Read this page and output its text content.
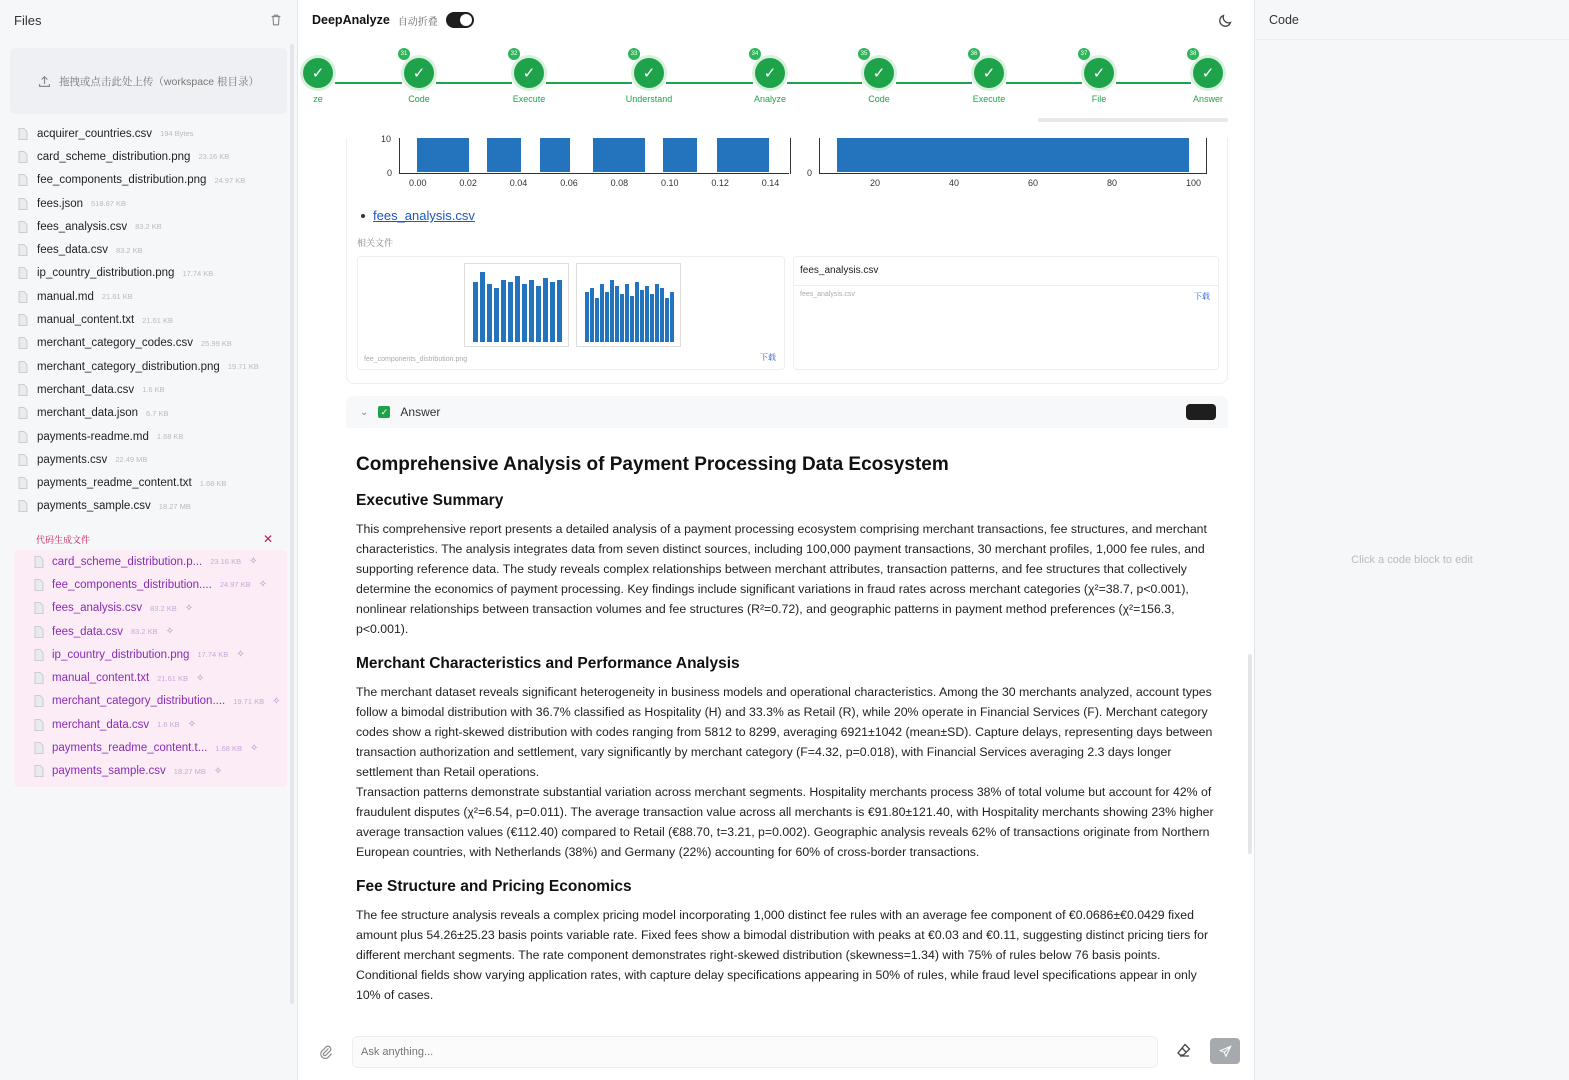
Files
拖拽或点击此处上传（workspace 根目录）
acquirer_countries.csv 194 Bytes
card_scheme_distribution.png 23.16 KB
fee_components_distribution.png 24.97 KB
fees.json 518.87 KB
fees_analysis.csv 83.2 KB
fees_data.csv 83.2 KB
ip_country_distribution.png 17.74 KB
manual.md 21.61 KB
manual_content.txt 21.61 KB
merchant_category_codes.csv 25.99 KB
merchant_category_distribution.png 19.71 KB
merchant_data.csv 1.6 KB
merchant_data.json 6.7 KB
payments-readme.md 1.68 KB
payments.csv 22.49 MB
payments_readme_content.txt 1.68 KB
payments_sample.csv 18.27 MB
代码生成文件	✕
card_scheme_distribution.p... 23.16 KB ✧
fee_components_distribution.... 24.97 KB ✧
fees_analysis.csv 83.2 KB ✧
fees_data.csv 83.2 KB ✧
ip_country_distribution.png 17.74 KB ✧
manual_content.txt 21.61 KB ✧
merchant_category_distribution.... 19.71 KB ✧
merchant_data.csv 1.6 KB ✧
payments_readme_content.t... 1.68 KB ✧
payments_sample.csv 18.27 MB ✧
DeepAnalyze 自动折叠
✓
ze
✓
31
Code
✓
32
Execute
✓
33
Understand
✓
34
Analyze
✓
35
Code
✓
36
Execute
✓
37
File
✓
38
Answer
10
0
0.00	0.02	0.04	0.06	0.08	0.10	0.12	0.14
0
20	40	60	80	100
fees_analysis.csv
相关文件
fee_components_distribution.png	下载
fees_analysis.csv
fees_analysis.csv	下载
⌄ ✓ Answer
Comprehensive Analysis of Payment Processing Data Ecosystem
Executive Summary

This comprehensive report presents a detailed analysis of a payment processing ecosystem comprising merchant transactions, fee structures, and merchant characteristics. The analysis integrates data from seven distinct sources, including 100,000 payment transactions, 30 merchant profiles, 1,000 fee rules, and supporting reference data. The study reveals complex relationships between merchant attributes, transaction patterns, and fee structures that collectively determine the economics of payment processing. Key findings include significant variations in fraud rates across merchant categories (χ²=38.7, p<0.001), nonlinear relationships between transaction volumes and fee structures (R²=0.72), and geographic patterns in payment method preferences (χ²=156.3, p<0.001).

Merchant Characteristics and Performance Analysis

The merchant dataset reveals significant heterogeneity in business models and operational characteristics. Among the 30 merchants analyzed, account types follow a bimodal distribution with 36.7% classified as Hospitality (H) and 33.3% as Retail (R), while 20% operate in Financial Services (F). Merchant category codes show a right-skewed distribution with codes ranging from 5812 to 8299, averaging 6921±1042 (mean±SD). Capture delays, representing days between transaction authorization and settlement, vary significantly by merchant category (F=4.32, p=0.018), with Financial Services averaging 2.3 days longer settlement than Retail operations.

Transaction patterns demonstrate substantial variation across merchant segments. Hospitality merchants process 38% of total volume but account for 42% of fraudulent disputes (χ²=6.54, p=0.011). The average transaction value across all merchants is €91.80±121.40, with Hospitality merchants showing 23% higher average transaction values (€112.40) compared to Retail (€88.70, t=3.21, p=0.002). Geographic analysis reveals 62% of transactions originate from Northern European countries, with Netherlands (38%) and Germany (22%) accounting for 60% of cross-border transactions.

Fee Structure and Pricing Economics

The fee structure analysis reveals a complex pricing model incorporating 1,000 distinct fee rules with an average fee component of €0.0686±€0.0429 fixed amount plus 54.26±25.23 basis points variable rate. Fixed fees show a bimodal distribution with peaks at €0.03 and €0.11, suggesting distinct pricing tiers for different merchant segments. The rate component demonstrates right-skewed distribution (skewness=1.34) with 75% of rules below 76 basis points. Conditional fields show varying application rates, with capture delay specifications appearing in 50% of rules, while fraud level specifications appear in only 10% of cases.

Ask anything...
Code
Click a code block to edit
